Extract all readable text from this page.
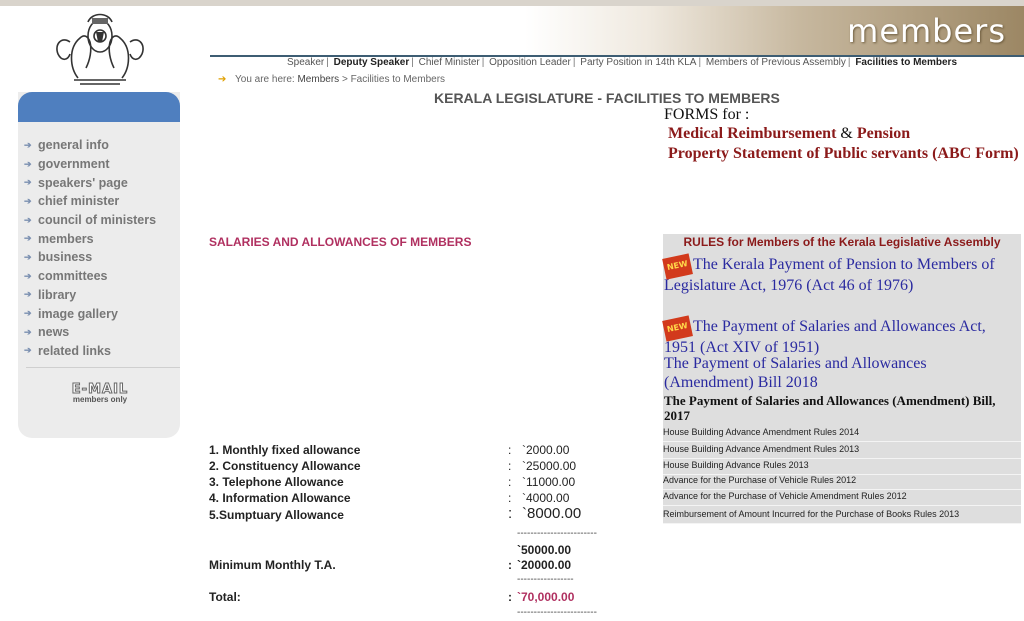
members
Speaker | Deputy Speaker | Chief Minister | Opposition Leader | Party Position in 14th KLA | Members of Previous Assembly | Facilities to Members
➔ You are here: Members > Facilities to Members
KERALA LEGISLATURE - FACILITIES TO MEMBERS
➔ general info
➔ government
➔ speakers' page
➔ chief minister
➔ council of ministers
➔ members
➔ business
➔ committees
➔ library
➔ image gallery
➔ news
➔ related links
E-MAIL
members only
FORMS for :
Medical Reimbursement & Pension
Property Statement of Public servants (ABC Form)
SALARIES AND ALLOWANCES OF MEMBERS
1. Monthly fixed allowance	: `2000.00
2. Constituency Allowance	: `25000.00
3. Telephone Allowance	: `11000.00
4. Information Allowance	: `4000.00
5.Sumptuary Allowance	: `8000.00
------------------------
`50000.00
Minimum Monthly T.A.	: `20000.00
-----------------
Total:	: `70,000.00
------------------------
RULES for Members of the Kerala Legislative Assembly
NEW The Kerala Payment of Pension to Members of Legislature Act, 1976 (Act 46 of 1976)
NEW The Payment of Salaries and Allowances Act, 1951 (Act XIV of 1951)
The Payment of Salaries and Allowances (Amendment) Bill 2018
The Payment of Salaries and Allowances (Amendment) Bill, 2017
House Building Advance Amendment Rules 2014
House Building Advance Amendment Rules 2013
House Building Advance Rules 2013
Advance for the Purchase of Vehicle Rules 2012
Advance for the Purchase of Vehicle Amendment Rules 2012
Reimbursement of Amount Incurred for the Purchase of Books Rules 2013
